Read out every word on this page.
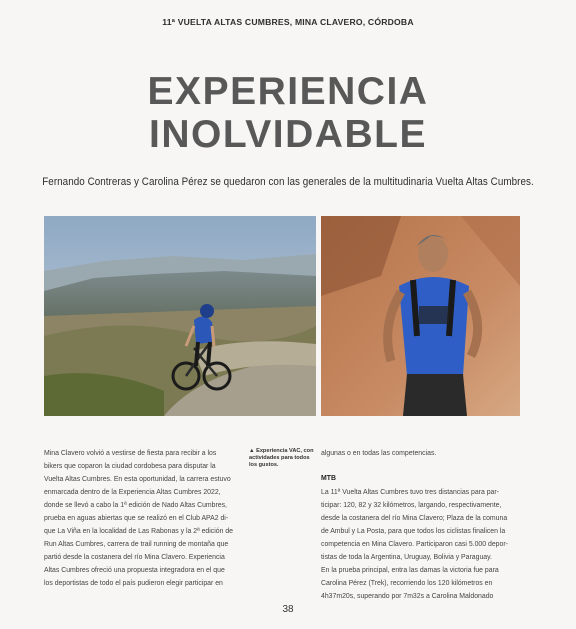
11ª VUELTA ALTAS CUMBRES, MINA CLAVERO, CÓRDOBA
EXPERIENCIA
INOLVIDABLE
Fernando Contreras y Carolina Pérez se quedaron con las generales de la multitudinaria Vuelta Altas Cumbres.

Mina Clavero volvió a vestirse de fiesta para recibir a los

bikers que coparon la ciudad cordobesa para disputar la

Vuelta Altas Cumbres. En esta oportunidad, la carrera estuvo

enmarcada dentro de la Experiencia Altas Cumbres 2022,

donde se llevó a cabo la 1ª edición de Nado Altas Cumbres,

prueba en aguas abiertas que se realizó en el Club APA2 di-

que La Viña en la localidad de Las Rabonas y la 2ª edición de

Run Altas Cumbres, carrera de trail running de montaña que

partió desde la costanera del río Mina Clavero. Experiencia

Altas Cumbres ofreció una propuesta integradora en el que

los deportistas de todo el país pudieron elegir participar en

▲ Experiencia VAC, con actividades para todos los gustos.

algunas o en todas las competencias.

MTB

La 11ª Vuelta Altas Cumbres tuvo tres distancias para par-

ticipar: 120, 82 y 32 kilómetros, largando, respectivamente,

desde la costanera del río Mina Clavero; Plaza de la comuna

de Ambul y La Posta, para que todos los ciclistas finalicen la

competencia en Mina Clavero. Participaron casi 5.000 depor-

tistas de toda la Argentina, Uruguay, Bolivia y Paraguay.

En la prueba principal, entra las damas la victoria fue para

Carolina Pérez (Trek), recorriendo los 120 kilómetros en

4h37m20s, superando por 7m32s a Carolina Maldonado

38
